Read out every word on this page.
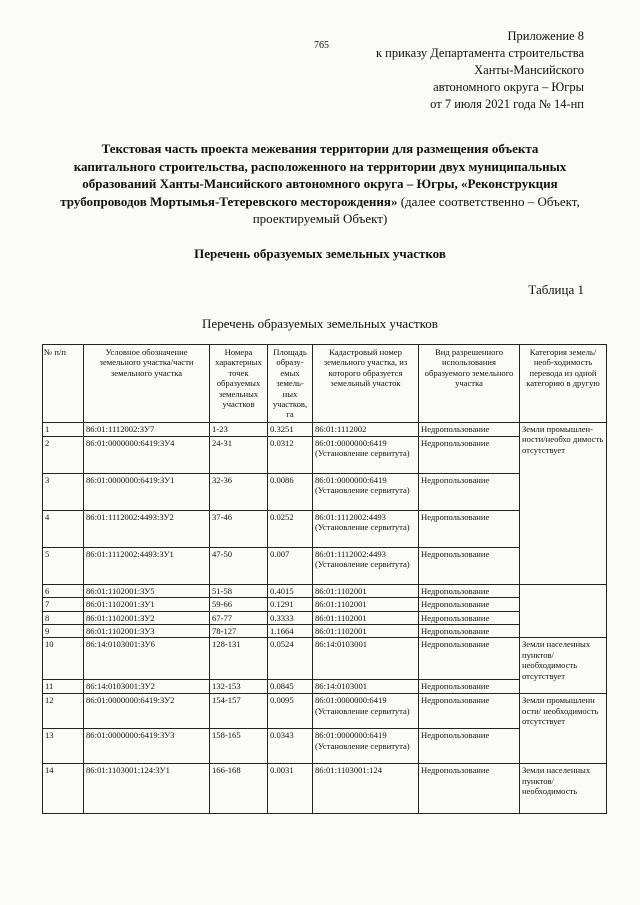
765
Приложение 8
к приказу Департамента строительства
Ханты-Мансийского
автономного округа – Югры
от 7 июля 2021 года № 14-нп
Текстовая часть проекта межевания территории для размещения объекта капитального строительства, расположенного на территории двух муниципальных образований Ханты-Мансийского автономного округа – Югры, «Реконструкция трубопроводов Мортымья-Тетеревского месторождения» (далее соответственно – Объект, проектируемый Объект)
Перечень образуемых земельных участков
Таблица 1
Перечень образуемых земельных участков
№ п/п	Условное обозначение земельного участка/части земельного участка	Номера характерных точек образуемых земельных участков	Площадь образу-емых земель-ных участков, га	Кадастровый номер земельного участка, из которого образуется земельный участок	Вид разрешенного использования образуемого земельного участка	Категория земель/необ-ходимость перевода из одной категорию в другую
1	86:01:1112002:ЗУ7	1-23	0.3251	86:01:1112002	Недропользование	Земли промышлен-ности/необхо димость отсутствует
2	86:01:0000000:6419:ЗУ4	24-31	0.0312	86:01:0000000:6419 (Установление сервитута)	Недропользование	
3	86:01:0000000:6419:ЗУ1	32-36	0.0086	86:01:0000000:6419 (Установление сервитута)	Недропользование	
4	86:01:1112002:4493:ЗУ2	37-46	0.0252	86:01:1112002:4493 (Установление сервитута)	Недропользование	
5	86:01:1112002:4493:ЗУ1	47-50	0.007	86:01:1112002:4493 (Установление сервитута)	Недропользование	
6	86:01:1102001:ЗУ5	51-58	0.4015	86:01:1102001	Недропользование	
7	86:01:1102001:ЗУ1	59-66	0.1291	86:01:1102001	Недропользование	
8	86:01:1102001:ЗУ2	67-77	0.3333	86:01:1102001	Недропользование	
9	86:01:1102001:ЗУ3	78-127	1.1664	86:01:1102001	Недропользование	
10	86:14:0103001:ЗУ6	128-131	0.0524	86:14:0103001	Недропользование	Земли населенных пунктов/ необходимость отсутствует
11	86:14:0103001:ЗУ2	132-153	0.0845	86:14:0103001	Недропользование	
12	86:01:0000000:6419:ЗУ2	154-157	0.0095	86:01:0000000:6419 (Установление сервитута)	Недропользование	Земли промышленн ости/ необходимость отсутствует
13	86:01:0000000:6419:ЗУ3	158-165	0.0343	86:01:0000000:6419 (Установление сервитута)	Недропользование	
14	86:01:1103001:124:ЗУ1	166-168	0.0031	86:01:1103001:124	Недропользование	Земли населенных пунктов/ необходимость
